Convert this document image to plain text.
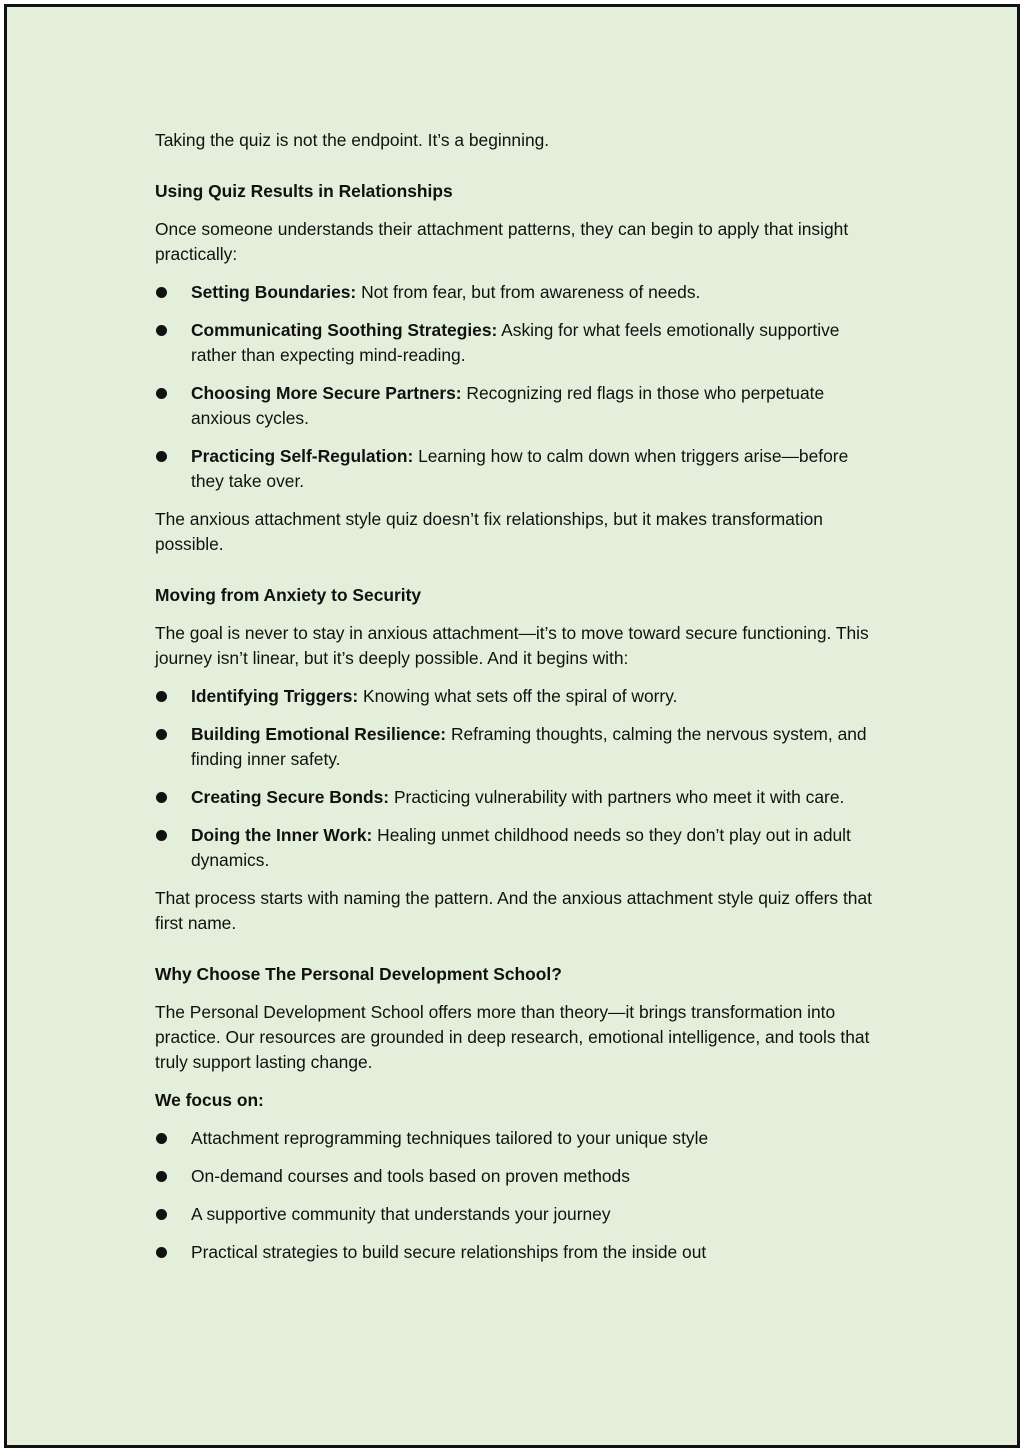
Taking the quiz is not the endpoint. It’s a beginning.

Using Quiz Results in Relationships

Once someone understands their attachment patterns, they can begin to apply that insight practically:

Setting Boundaries: Not from fear, but from awareness of needs.
Communicating Soothing Strategies: Asking for what feels emotionally supportive rather than expecting mind-reading.
Choosing More Secure Partners: Recognizing red flags in those who perpetuate anxious cycles.
Practicing Self-Regulation: Learning how to calm down when triggers arise—before they take over.

The anxious attachment style quiz doesn’t fix relationships, but it makes transformation possible.

Moving from Anxiety to Security

The goal is never to stay in anxious attachment—it’s to move toward secure functioning. This journey isn’t linear, but it’s deeply possible. And it begins with:

Identifying Triggers: Knowing what sets off the spiral of worry.
Building Emotional Resilience: Reframing thoughts, calming the nervous system, and finding inner safety.
Creating Secure Bonds: Practicing vulnerability with partners who meet it with care.
Doing the Inner Work: Healing unmet childhood needs so they don’t play out in adult dynamics.

That process starts with naming the pattern. And the anxious attachment style quiz offers that first name.

Why Choose The Personal Development School?

The Personal Development School offers more than theory—it brings transformation into practice. Our resources are grounded in deep research, emotional intelligence, and tools that truly support lasting change.

We focus on:

Attachment reprogramming techniques tailored to your unique style
On-demand courses and tools based on proven methods
A supportive community that understands your journey
Practical strategies to build secure relationships from the inside out
